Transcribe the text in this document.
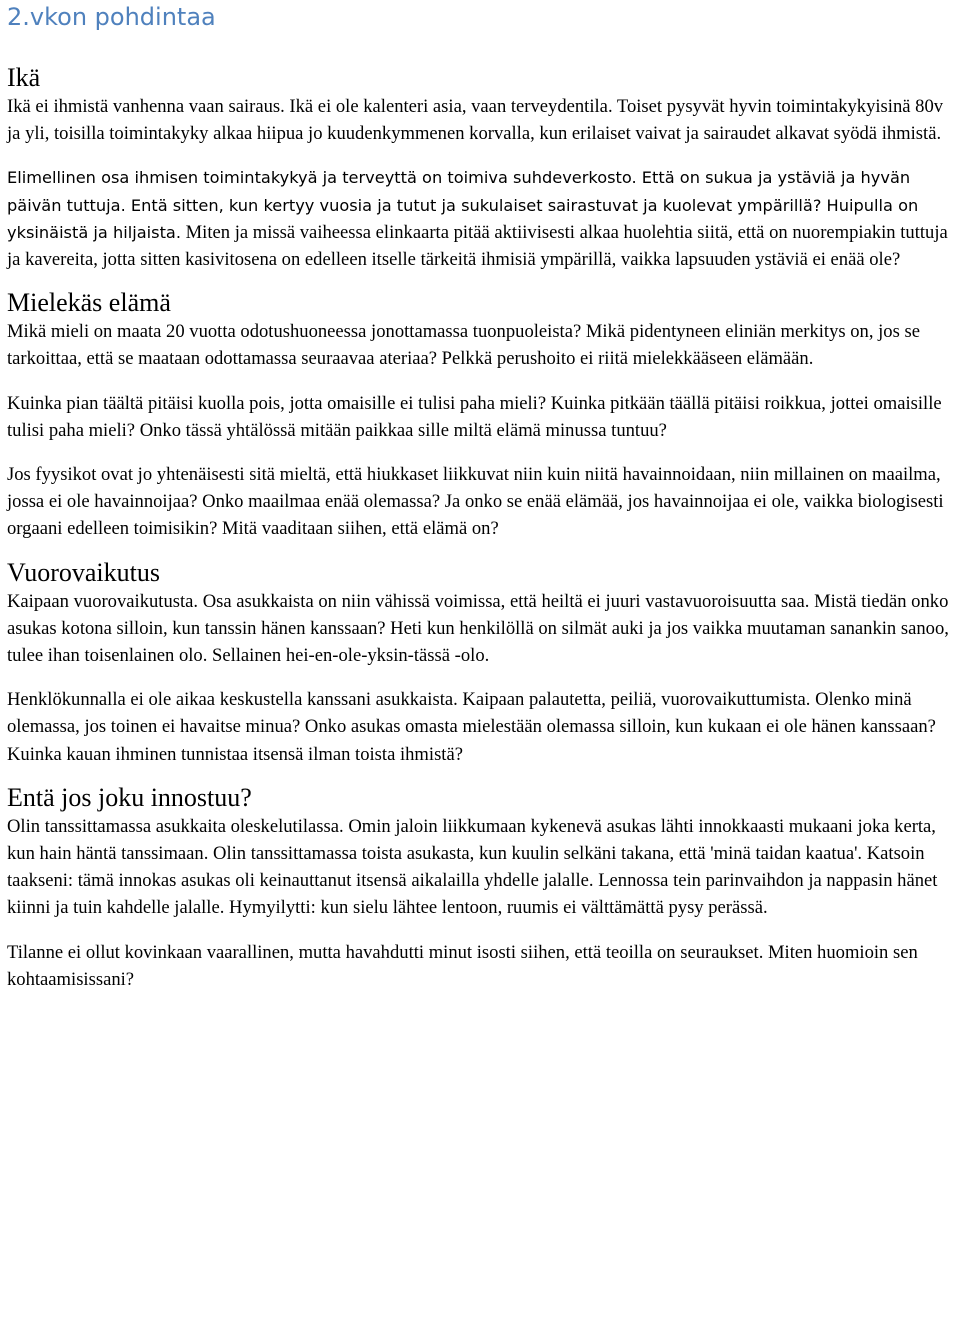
2.vkon pohdintaa
Ikä

Ikä ei ihmistä vanhenna vaan sairaus. Ikä ei ole kalenteri asia, vaan terveydentila. Toiset pysyvät hyvin toimintakykyisinä 80v ja yli, toisilla toimintakyky alkaa hiipua jo kuudenkymmenen korvalla, kun erilaiset vaivat ja sairaudet alkavat syödä ihmistä.

Elimellinen osa ihmisen toimintakykyä ja terveyttä on toimiva suhdeverkosto. Että on sukua ja ystäviä ja hyvän päivän tuttuja. Entä sitten, kun kertyy vuosia ja tutut ja sukulaiset sairastuvat ja kuolevat ympärillä? Huipulla on yksinäistä ja hiljaista. Miten ja missä vaiheessa elinkaarta pitää aktiivisesti alkaa huolehtia siitä, että on nuorempiakin tuttuja ja kavereita, jotta sitten kasivitosena on edelleen itselle tärkeitä ihmisiä ympärillä, vaikka lapsuuden ystäviä ei enää ole?

Mielekäs elämä

Mikä mieli on maata 20 vuotta odotushuoneessa jonottamassa tuonpuoleista? Mikä pidentyneen eliniän merkitys on, jos se tarkoittaa, että se maataan odottamassa seuraavaa ateriaa? Pelkkä perushoito ei riitä mielekkääseen elämään.

Kuinka pian täältä pitäisi kuolla pois, jotta omaisille ei tulisi paha mieli? Kuinka pitkään täällä pitäisi roikkua, jottei omaisille tulisi paha mieli? Onko tässä yhtälössä mitään paikkaa sille miltä elämä minussa tuntuu?

Jos fyysikot ovat jo yhtenäisesti sitä mieltä, että hiukkaset liikkuvat niin kuin niitä havainnoidaan, niin millainen on maailma, jossa ei ole havainnoijaa? Onko maailmaa enää olemassa? Ja onko se enää elämää, jos havainnoijaa ei ole, vaikka biologisesti orgaani edelleen toimisikin? Mitä vaaditaan siihen, että elämä on?

Vuorovaikutus

Kaipaan vuorovaikutusta. Osa asukkaista on niin vähissä voimissa, että heiltä ei juuri vastavuoroisuutta saa. Mistä tiedän onko asukas kotona silloin, kun tanssin hänen kanssaan? Heti kun henkilöllä on silmät auki ja jos vaikka muutaman sanankin sanoo, tulee ihan toisenlainen olo. Sellainen hei-en-ole-yksin-tässä -olo.

Henklökunnalla ei ole aikaa keskustella kanssani asukkaista. Kaipaan palautetta, peiliä, vuorovaikuttumista. Olenko minä olemassa, jos toinen ei havaitse minua? Onko asukas omasta mielestään olemassa silloin, kun kukaan ei ole hänen kanssaan? Kuinka kauan ihminen tunnistaa itsensä ilman toista ihmistä?

Entä jos joku innostuu?

Olin tanssittamassa asukkaita oleskelutilassa. Omin jaloin liikkumaan kykenevä asukas lähti innokkaasti mukaani joka kerta, kun hain häntä tanssimaan. Olin tanssittamassa toista asukasta, kun kuulin selkäni takana, että 'minä taidan kaatua'. Katsoin taakseni: tämä innokas asukas oli keinauttanut itsensä aikalailla yhdelle jalalle. Lennossa tein parinvaihdon ja nappasin hänet kiinni ja tuin kahdelle jalalle. Hymyilytti: kun sielu lähtee lentoon, ruumis ei välttämättä pysy perässä.

Tilanne ei ollut kovinkaan vaarallinen, mutta havahdutti minut isosti siihen, että teoilla on seuraukset. Miten huomioin sen kohtaamisissani?
